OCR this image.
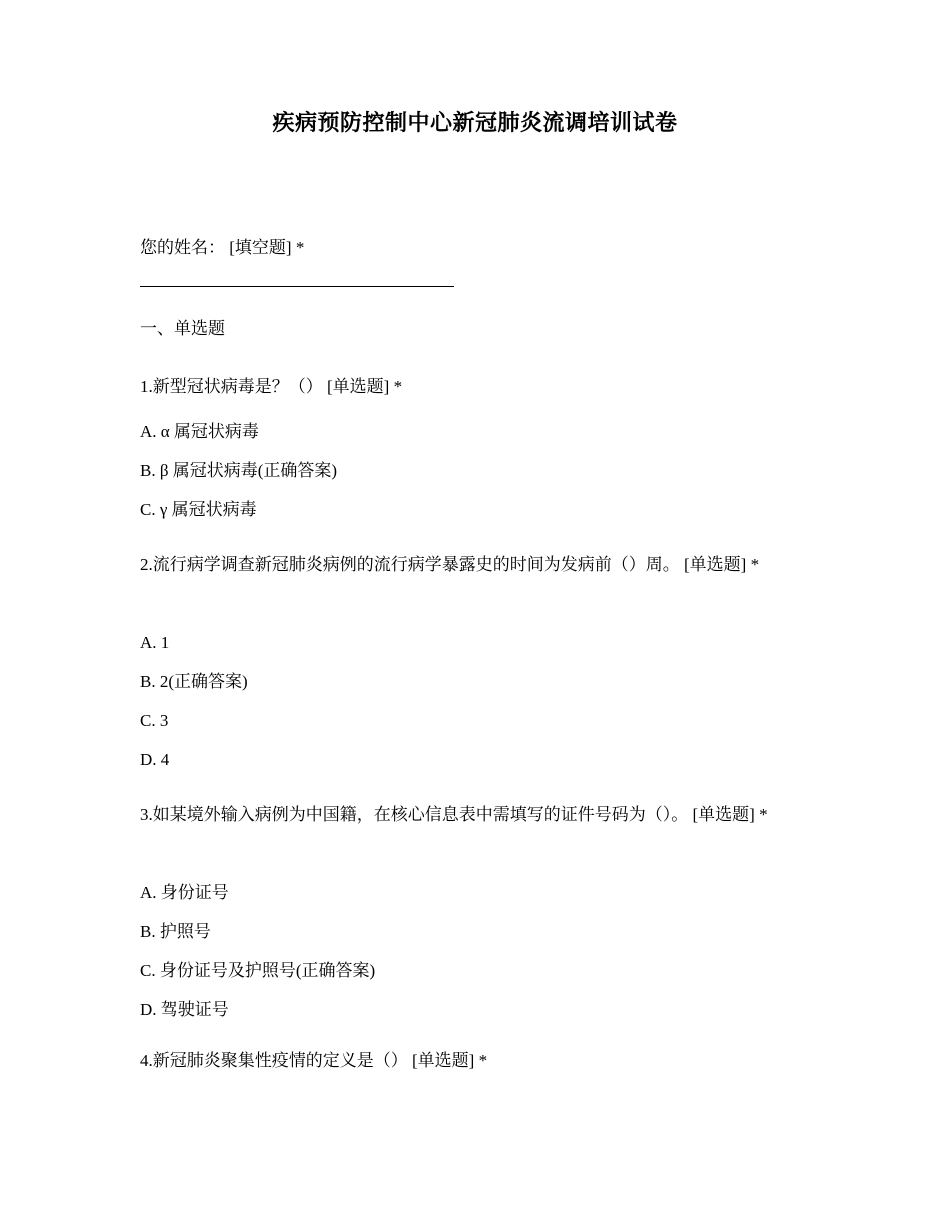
疾病预防控制中心新冠肺炎流调培训试卷
您的姓名： [填空题] *
一、单选题
1.新型冠状病毒是？（） [单选题] *
A. α 属冠状病毒
B. β 属冠状病毒(正确答案)
C. γ 属冠状病毒
2.流行病学调查新冠肺炎病例的流行病学暴露史的时间为发病前（）周。 [单选题] *
A. 1
B. 2(正确答案)
C. 3
D. 4
3.如某境外输入病例为中国籍，在核心信息表中需填写的证件号码为（）。 [单选题] *
A. 身份证号
B. 护照号
C. 身份证号及护照号(正确答案)
D. 驾驶证号
4.新冠肺炎聚集性疫情的定义是（） [单选题] *
